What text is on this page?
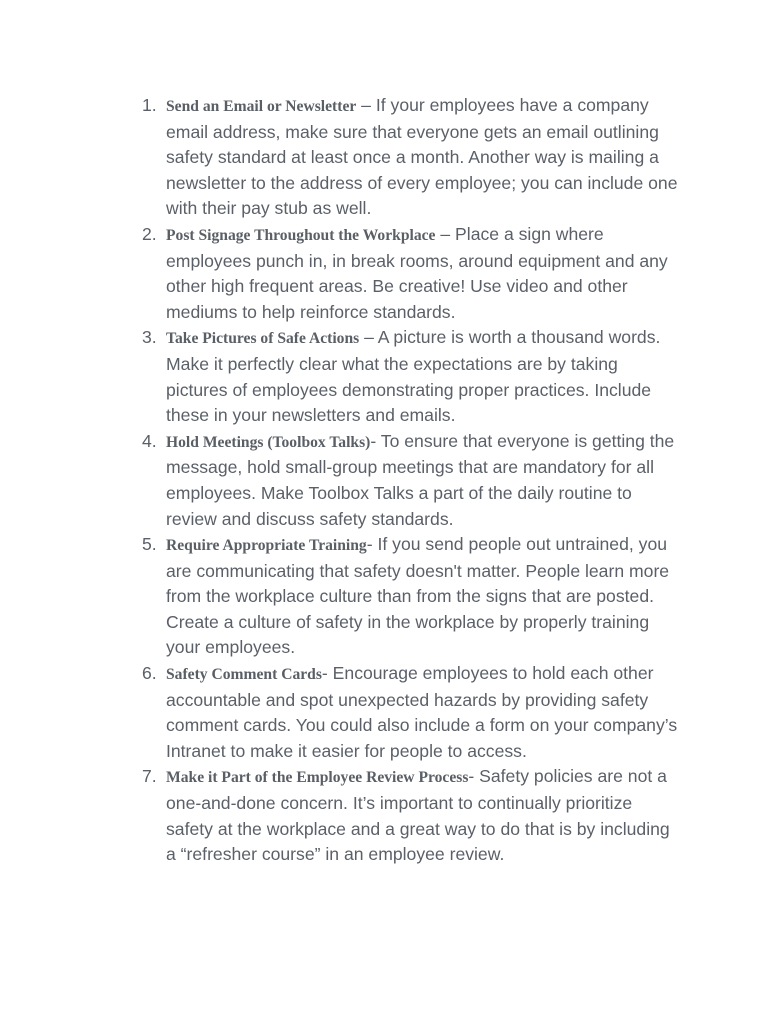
1. Send an Email or Newsletter – If your employees have a company email address, make sure that everyone gets an email outlining safety standard at least once a month. Another way is mailing a newsletter to the address of every employee; you can include one with their pay stub as well.
2. Post Signage Throughout the Workplace – Place a sign where employees punch in, in break rooms, around equipment and any other high frequent areas. Be creative! Use video and other mediums to help reinforce standards.
3. Take Pictures of Safe Actions – A picture is worth a thousand words. Make it perfectly clear what the expectations are by taking pictures of employees demonstrating proper practices. Include these in your newsletters and emails.
4. Hold Meetings (Toolbox Talks)- To ensure that everyone is getting the message, hold small-group meetings that are mandatory for all employees. Make Toolbox Talks a part of the daily routine to review and discuss safety standards.
5. Require Appropriate Training- If you send people out untrained, you are communicating that safety doesn't matter. People learn more from the workplace culture than from the signs that are posted. Create a culture of safety in the workplace by properly training your employees.
6. Safety Comment Cards- Encourage employees to hold each other accountable and spot unexpected hazards by providing safety comment cards. You could also include a form on your company’s Intranet to make it easier for people to access.
7. Make it Part of the Employee Review Process- Safety policies are not a one-and-done concern. It’s important to continually prioritize safety at the workplace and a great way to do that is by including a “refresher course” in an employee review.
